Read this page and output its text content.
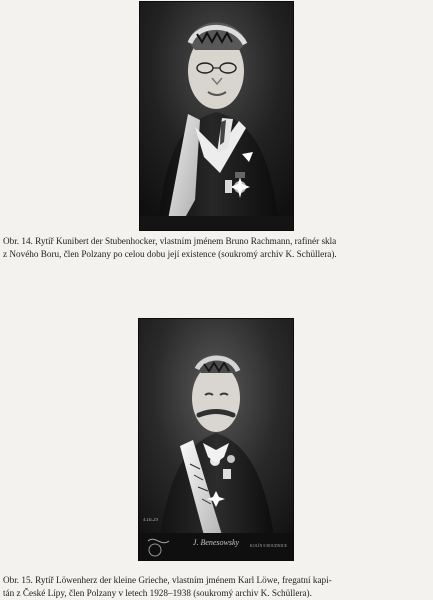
Obr. 14. Rytíř Kunibert der Stubenhocker, vlastním jménem Bruno Rachmann, rafinér skla
z Nového Boru, člen Polzany po celou dobu její existence (soukromý archiv K. Schüllera).
4.III.29
J. Benesowsky	KOLÍN 8 ROUDNICE
Obr. 15. Rytíř Löwenherz der kleine Grieche, vlastním jménem Karl Löwe, fregatní kapi-
tán z České Lípy, člen Polzany v letech 1928–1938 (soukromý archiv K. Schüllera).
